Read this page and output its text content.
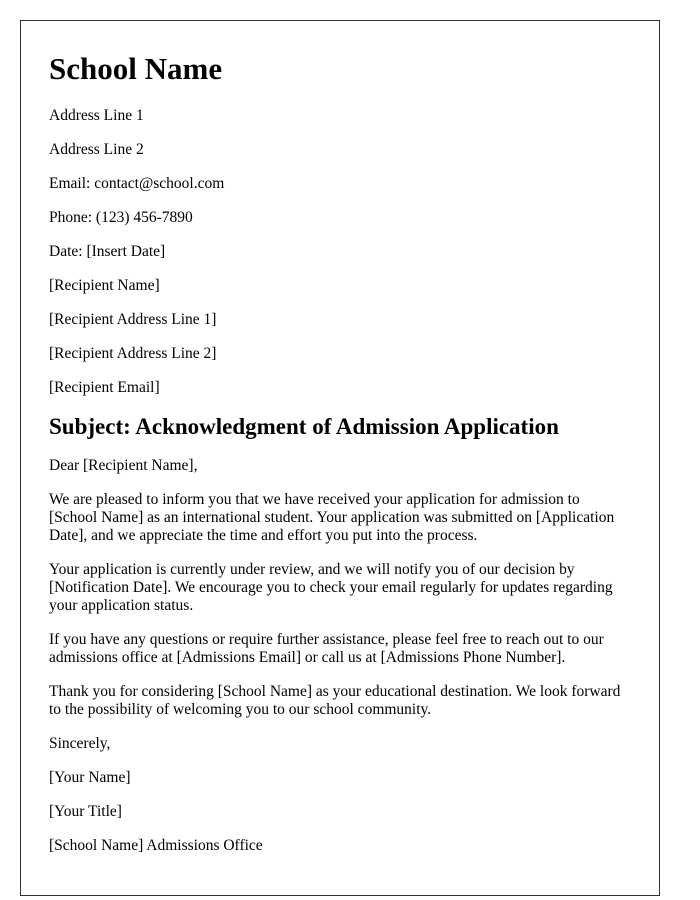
School Name
Address Line 1
Address Line 2
Email: contact@school.com
Phone: (123) 456-7890
Date: [Insert Date]
[Recipient Name]
[Recipient Address Line 1]
[Recipient Address Line 2]
[Recipient Email]
Subject: Acknowledgment of Admission Application

Dear [Recipient Name],

We are pleased to inform you that we have received your application for admission to [School Name] as an international student. Your application was submitted on [Application Date], and we appreciate the time and effort you put into the process.

Your application is currently under review, and we will notify you of our decision by [Notification Date]. We encourage you to check your email regularly for updates regarding your application status.

If you have any questions or require further assistance, please feel free to reach out to our admissions office at [Admissions Email] or call us at [Admissions Phone Number].

Thank you for considering [School Name] as your educational destination. We look forward to the possibility of welcoming you to our school community.

Sincerely,

[Your Name]

[Your Title]

[School Name] Admissions Office
